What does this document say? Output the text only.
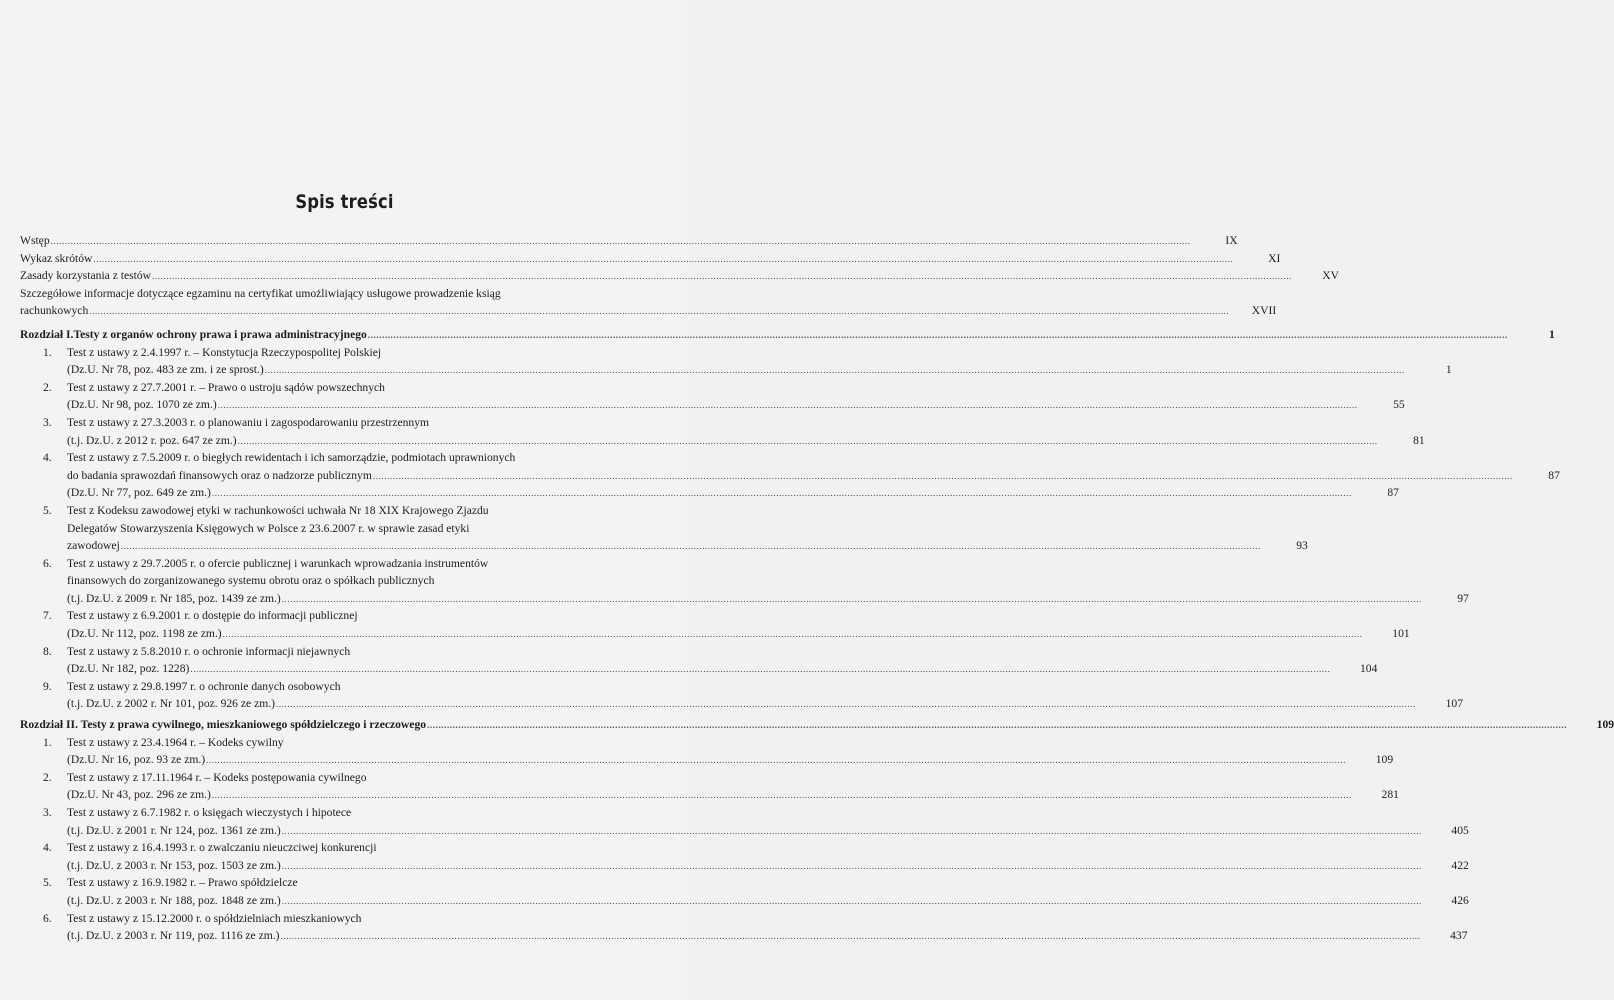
Spis treści
Wstęp ................................................................................................................................................................................................................................................................................................................................................................................................................	IX
Wykaz skrótów ................................................................................................................................................................................................................................................................................................................................................................................................................	XI
Zasady korzystania z testów ................................................................................................................................................................................................................................................................................................................................................................................................................	XV
Szczegółowe informacje dotyczące egzaminu na certyfikat umożliwiający usługowe prowadzenie ksiąg
rachunkowych ................................................................................................................................................................................................................................................................................................................................................................................................................	XVII
Rozdział I.Testy z organów ochrony prawa i prawa administracyjnego ................................................................................................................................................................................................................................................................................................................................................................................................................	1
1. Test z ustawy z 2.4.1997 r. – Konstytucja Rzeczypospolitej Polskiej
(Dz.U. Nr 78, poz. 483 ze zm. i ze sprost.) ................................................................................................................................................................................................................................................................................................................................................................................................................	1
2. Test z ustawy z 27.7.2001 r. – Prawo o ustroju sądów powszechnych
(Dz.U. Nr 98, poz. 1070 ze zm.) ................................................................................................................................................................................................................................................................................................................................................................................................................	55
3. Test z ustawy z 27.3.2003 r. o planowaniu i zagospodarowaniu przestrzennym
(t.j. Dz.U. z 2012 r. poz. 647 ze zm.) ................................................................................................................................................................................................................................................................................................................................................................................................................	81
4. Test z ustawy z 7.5.2009 r. o biegłych rewidentach i ich samorządzie, podmiotach uprawnionych
do badania sprawozdań finansowych oraz o nadzorze publicznym ................................................................................................................................................................................................................................................................................................................................................................................................................	87
(Dz.U. Nr 77, poz. 649 ze zm.) ................................................................................................................................................................................................................................................................................................................................................................................................................	87
5. Test z Kodeksu zawodowej etyki w rachunkowości uchwała Nr 18 XIX Krajowego Zjazdu
Delegatów Stowarzyszenia Księgowych w Polsce z 23.6.2007 r. w sprawie zasad etyki
zawodowej ................................................................................................................................................................................................................................................................................................................................................................................................................	93
6. Test z ustawy z 29.7.2005 r. o ofercie publicznej i warunkach wprowadzania instrumentów
finansowych do zorganizowanego systemu obrotu oraz o spółkach publicznych
(t.j. Dz.U. z 2009 r. Nr 185, poz. 1439 ze zm.) ................................................................................................................................................................................................................................................................................................................................................................................................................	97
7. Test z ustawy z 6.9.2001 r. o dostępie do informacji publicznej
(Dz.U. Nr 112, poz. 1198 ze zm.) ................................................................................................................................................................................................................................................................................................................................................................................................................	101
8. Test z ustawy z 5.8.2010 r. o ochronie informacji niejawnych
(Dz.U. Nr 182, poz. 1228) ................................................................................................................................................................................................................................................................................................................................................................................................................	104
9. Test z ustawy z 29.8.1997 r. o ochronie danych osobowych
(t.j. Dz.U. z 2002 r. Nr 101, poz. 926 ze zm.) ................................................................................................................................................................................................................................................................................................................................................................................................................	107
Rozdział II. Testy z prawa cywilnego, mieszkaniowego spółdzielczego i rzeczowego ................................................................................................................................................................................................................................................................................................................................................................................................................	109
1. Test z ustawy z 23.4.1964 r. – Kodeks cywilny
(Dz.U. Nr 16, poz. 93 ze zm.) ................................................................................................................................................................................................................................................................................................................................................................................................................	109
2. Test z ustawy z 17.11.1964 r. – Kodeks postępowania cywilnego
(Dz.U. Nr 43, poz. 296 ze zm.) ................................................................................................................................................................................................................................................................................................................................................................................................................	281
3. Test z ustawy z 6.7.1982 r. o księgach wieczystych i hipotece
(t.j. Dz.U. z 2001 r. Nr 124, poz. 1361 ze zm.) ................................................................................................................................................................................................................................................................................................................................................................................................................	405
4. Test z ustawy z 16.4.1993 r. o zwalczaniu nieuczciwej konkurencji
(t.j. Dz.U. z 2003 r. Nr 153, poz. 1503 ze zm.) ................................................................................................................................................................................................................................................................................................................................................................................................................	422
5. Test z ustawy z 16.9.1982 r. – Prawo spółdzielcze
(t.j. Dz.U. z 2003 r. Nr 188, poz. 1848 ze zm.) ................................................................................................................................................................................................................................................................................................................................................................................................................	426
6. Test z ustawy z 15.12.2000 r. o spółdzielniach mieszkaniowych
(t.j. Dz.U. z 2003 r. Nr 119, poz. 1116 ze zm.) ................................................................................................................................................................................................................................................................................................................................................................................................................	437
